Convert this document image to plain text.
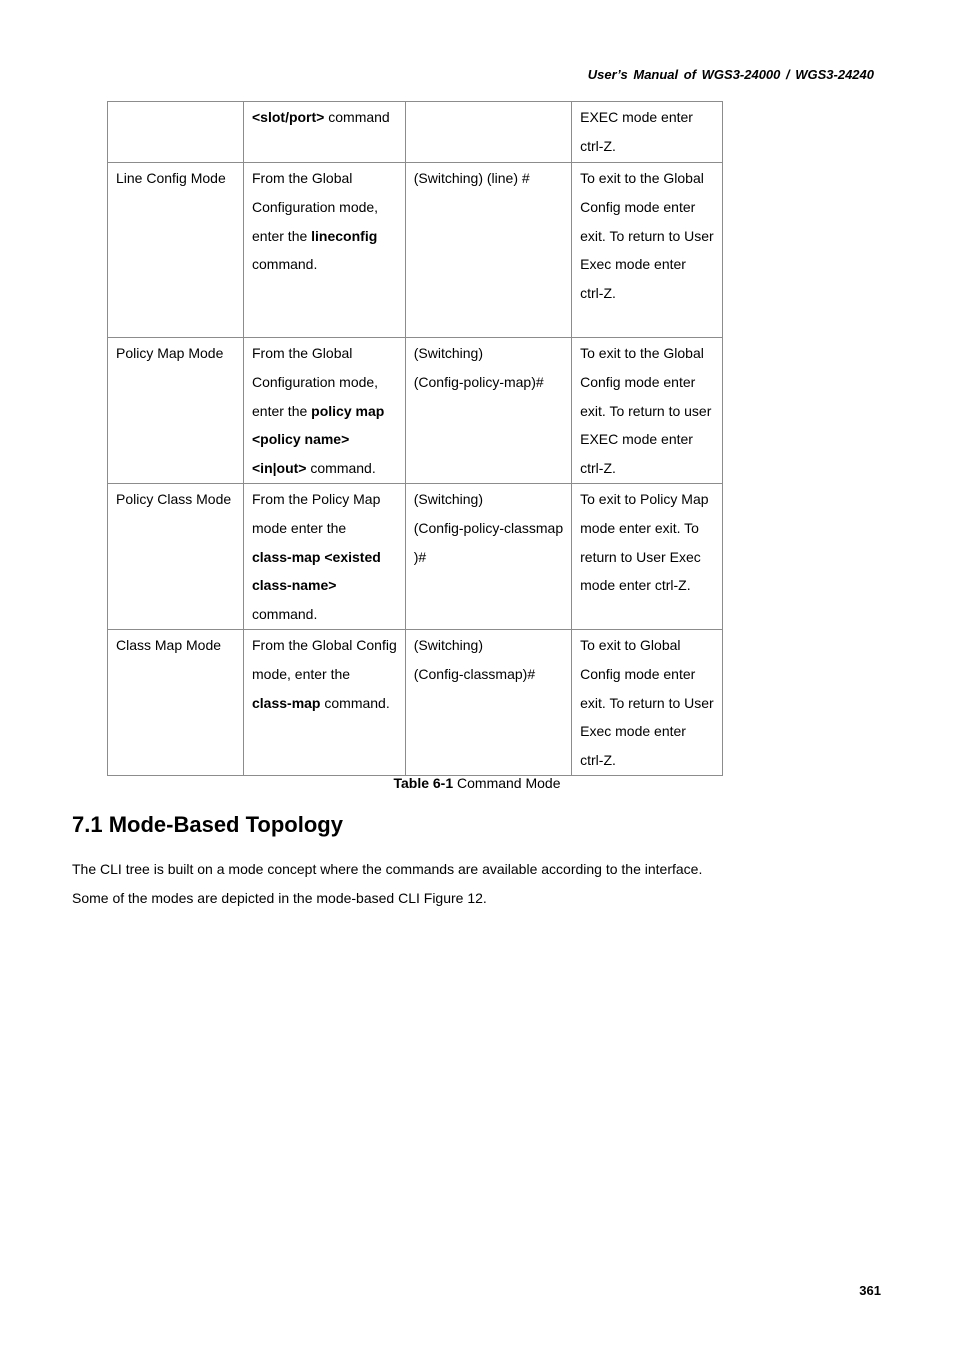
User’s Manual of WGS3-24000 / WGS3-24240

	<slot/port> command		EXEC mode enter
ctrl-Z.

Line Config Mode	From the Global
Configuration mode,
enter the lineconfig
command.	(Switching) (line) #	To exit to the Global
Config mode enter
exit. To return to User
Exec mode enter
ctrl-Z.

Policy Map Mode	From the Global
Configuration mode,
enter the policy map
<policy name>
<in|out> command.	(Switching)
(Config-policy-map)#	To exit to the Global
Config mode enter
exit. To return to user
EXEC mode enter
ctrl-Z.

Policy Class Mode	From the Policy Map
mode enter the
class-map <existed
class-name>
command.	(Switching)
(Config-policy-classmap
)#	To exit to Policy Map
mode enter exit. To
return to User Exec
mode enter ctrl-Z.

Class Map Mode	From the Global Config
mode, enter the
class-map command.	(Switching)
(Config-classmap)#	To exit to Global
Config mode enter
exit. To return to User
Exec mode enter
ctrl-Z.
Table 6-1 Command Mode
7.1 Mode-Based Topology
The CLI tree is built on a mode concept where the commands are available according to the interface.
Some of the modes are depicted in the mode-based CLI Figure 12.
361
